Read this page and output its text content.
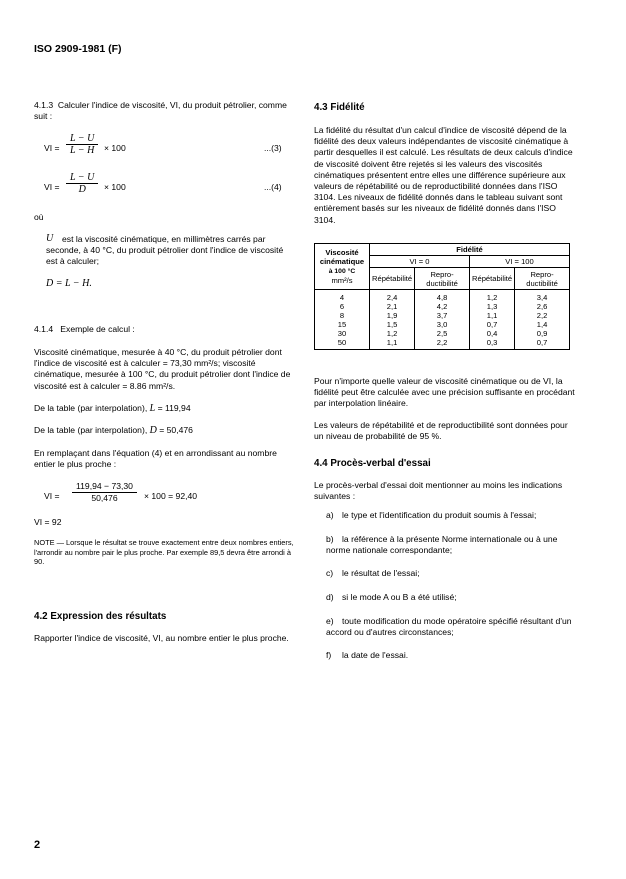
ISO 2909-1981 (F)

4.1.3 Calculer l'indice de viscosité, VI, du produit pétrolier, comme suit :

VI = $\frac{L - U}{L - H} \times 100$	...(3)
VI = $\frac{L - U}{D} \times 100$	...(4)

où

U	est la viscosité cinématique, en millimètres carrés par seconde, à 40 °C, du produit pétrolier dont l'indice de viscosité est à calculer;

D = L − H.

4.1.4 Exemple de calcul :

Viscosité cinématique, mesurée à 40 °C, du produit pétrolier dont l'indice de viscosité est à calculer = 73,30 mm²/s; viscosité cinématique, mesurée à 100 °C, du produit pétrolier dont l'indice de viscosité est à calculer = 8.86 mm²/s.

De la table (par interpolation), L = 119,94

De la table (par interpolation), D = 50,476

En remplaçant dans l'équation (4) et en arrondissant au nombre entier le plus proche :

VI = $\frac{119,94 - 73,30}{50,476} \times 100 = 92,40$

VI = 92

NOTE — Lorsque le résultat se trouve exactement entre deux nombres entiers, l'arrondir au nombre pair le plus proche. Par exemple 89,5 devra être arrondi à 90.

4.2 Expression des résultats

Rapporter l'indice de viscosité, VI, au nombre entier le plus proche.

4.3 Fidélité

La fidélité du résultat d'un calcul d'indice de viscosité dépend de la fidélité des deux valeurs indépendantes de viscosité cinématique à partir desquelles il est calculé. Les résultats de deux calculs d'indice de viscosité doivent être rejetés si les valeurs des viscosités cinématiques présentent entre elles une différence supérieure aux valeurs de répétabilité ou de reproductibilité données dans l'ISO 3104. Les niveaux de fidélité donnés dans le tableau suivant sont entièrement basés sur les niveaux de fidélité donnés dans l'ISO 3104.

Viscosité
cinématique
à 100 °C
mm²/s	Fidélité			
	VI = 0		VI = 100	
	Répétabilité	Repro-ductibilité	Répétabilité	Repro-ductibilité
4	2,4	4,8	1,2	3,4
6	2,1	4,2	1,3	2,6
8	1,9	3,7	1,1	2,2
15	1,5	3,0	0,7	1,4
30	1,2	2,5	0,4	0,9
50	1,1	2,2	0,3	0,7

Pour n'importe quelle valeur de viscosité cinématique ou de VI, la fidélité peut être calculée avec une précision suffisante en procédant par interpolation linéaire.

Les valeurs de répétabilité et de reproductibilité sont données pour un niveau de probabilité de 95 %.

4.4 Procès-verbal d'essai

Le procès-verbal d'essai doit mentionner au moins les indications suivantes :

a) le type et l'identification du produit soumis à l'essai;

b) la référence à la présente Norme internationale ou à une norme nationale correspondante;

c)	le résultat de l'essai;

d) si le mode A ou B a été utilisé;

e) toute modification du mode opératoire spécifié résultant d'un accord ou d'autres circonstances;

f)	la date de l'essai.

2
